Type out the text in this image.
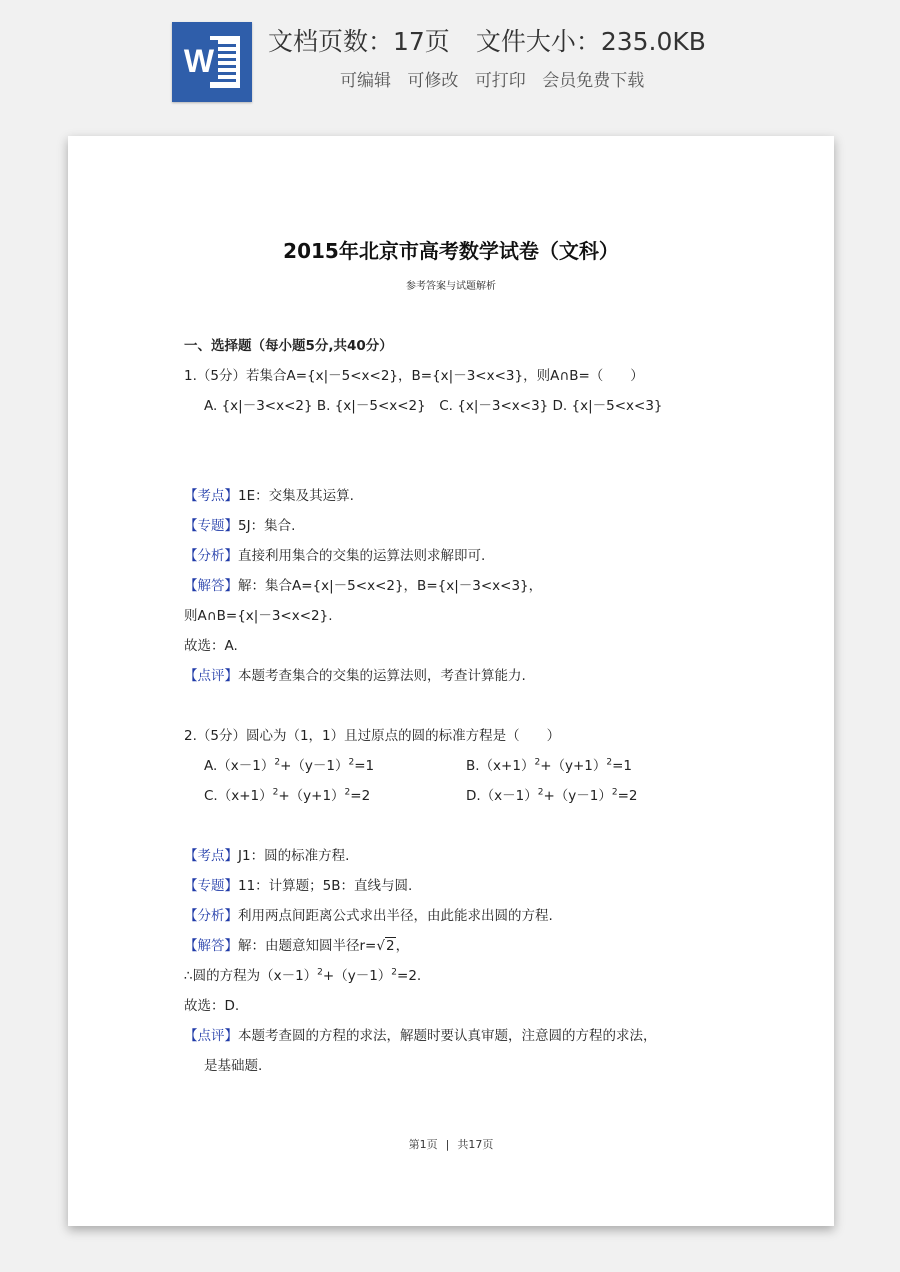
W
文档页数：17页 文件大小：235.0KB
可编辑 可修改 可打印 会员免费下载
2015年北京市高考数学试卷（文科）
参考答案与试题解析
一、选择题（每小题5分,共40分）
1.（5分）若集合A={x|－5<x<2}，B={x|－3<x<3}，则A∩B=（　　）
A. {x|－3<x<2} B. {x|－5<x<2}　C. {x|－3<x<3} D. {x|－5<x<3}
【考点】1E：交集及其运算.
【专题】5J：集合.
【分析】直接利用集合的交集的运算法则求解即可.
【解答】解：集合A={x|－5<x<2}，B={x|－3<x<3}，
则A∩B={x|－3<x<2}.
故选：A.
【点评】本题考查集合的交集的运算法则，考查计算能力.
2.（5分）圆心为（1，1）且过原点的圆的标准方程是（　　）
$A.(x-1)^2+(y-1)^2=1$	$B.(x+1)^2+(y+1)^2=1$
$C.(x+1)^2+(y+1)^2=2$	$D.(x-1)^2+(y-1)^2=2$
【考点】J1：圆的标准方程.
【专题】11：计算题；5B：直线与圆.
【分析】利用两点间距离公式求出半径，由此能求出圆的方程.
【解答】解：由题意知圆半径r=√2，
∴圆的方程为$(x-1)^2+(y-1)^2=2$.
故选：D.
【点评】本题考查圆的方程的求法，解题时要认真审题，注意圆的方程的求法，
是基础题.
第1页 | 共17页
